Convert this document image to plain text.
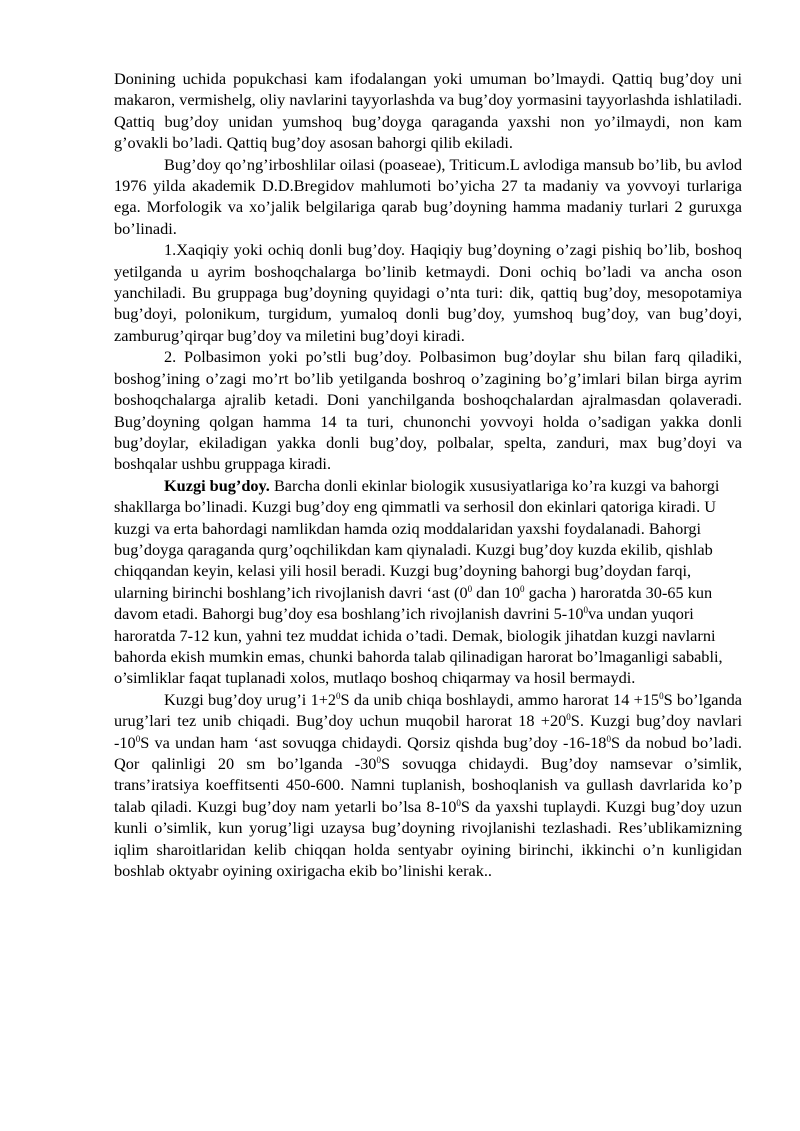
Donining uchida popukchasi kam ifodalangan yoki umuman bo’lmaydi. Qattiq bug’doy uni makaron, vermishelg, oliy navlarini tayyorlashda va bug’doy yormasini tayyorlashda ishlatiladi. Qattiq bug’doy unidan yumshoq bug’doyga qaraganda yaxshi non yo’ilmaydi, non kam g’ovakli bo’ladi. Qattiq bug’doy asosan bahorgi qilib ekiladi.

Bug’doy qo’ng’irboshlilar oilasi (poaseae), Triticum.L avlodiga mansub bo’lib, bu avlod 1976 yilda akademik D.D.Bregidov mahlumoti bo’yicha 27 ta madaniy va yovvoyi turlariga ega. Morfologik va xo’jalik belgilariga qarab bug’doyning hamma madaniy turlari 2 guruxga bo’linadi.

1.Xaqiqiy yoki ochiq donli bug’doy. Haqiqiy bug’doyning o’zagi pishiq bo’lib, boshoq yetilganda u ayrim boshoqchalarga bo’linib ketmaydi. Doni ochiq bo’ladi va ancha oson yanchiladi. Bu gruppaga bug’doyning quyidagi o’nta turi: dik, qattiq bug’doy, mesopotamiya bug’doyi, polonikum, turgidum, yumaloq donli bug’doy, yumshoq bug’doy, van bug’doyi, zamburug’qirqar bug’doy va miletini bug’doyi kiradi.

2. Polbasimon yoki po’stli bug’doy. Polbasimon bug’doylar shu bilan farq qiladiki, boshog’ining o’zagi mo’rt bo’lib yetilganda boshroq o’zagining bo’g’imlari bilan birga ayrim boshoqchalarga ajralib ketadi. Doni yanchilganda boshoqchalardan ajralmasdan qolaveradi. Bug’doyning qolgan hamma 14 ta turi, chunonchi yovvoyi holda o’sadigan yakka donli bug’doylar, ekiladigan yakka donli bug’doy, polbalar, spelta, zanduri, max bug’doyi va boshqalar ushbu gruppaga kiradi.

Kuzgi bug’doy. Barcha donli ekinlar biologik xususiyatlariga ko’ra kuzgi va bahorgi shakllarga bo’linadi. Kuzgi bug’doy eng qimmatli va serhosil don ekinlari qatoriga kiradi. U kuzgi va erta bahordagi namlikdan hamda oziq moddalaridan yaxshi foydalanadi. Bahorgi bug’doyga qaraganda qurg’oqchilikdan kam qiynaladi. Kuzgi bug’doy kuzda ekilib, qishlab chiqqandan keyin, kelasi yili hosil beradi. Kuzgi bug’doyning bahorgi bug’doydan farqi, ularning birinchi boshlang’ich rivojlanish davri ‘ast ($0^0$ dan $10^0$ gacha ) haroratda 30-65 kun davom etadi. Bahorgi bug’doy esa boshlang’ich rivojlanish davrini $5-10^0va$ undan yuqori haroratda 7-12 kun, yahni tez muddat ichida o’tadi. Demak, biologik jihatdan kuzgi navlarni bahorda ekish mumkin emas, chunki bahorda talab qilinadigan harorat bo’lmaganligi sababli, o’simliklar faqat tuplanadi xolos, mutlaqo boshoq chiqarmay va hosil bermaydi.

Kuzgi bug’doy urug’i $1+2^0S$ da unib chiqa boshlaydi, ammo harorat $14 +15^0S$ bo’lganda urug’lari tez unib chiqadi. Bug’doy uchun muqobil harorat $18 +20^0S$. Kuzgi bug’doy navlari $-10^0S$ va undan ham ‘ast sovuqga chidaydi. Qorsiz qishda bug’doy $-16-18^0S$ da nobud bo’ladi. Qor qalinligi 20 sm bo’lganda $-30^0S$ sovuqga chidaydi. Bug’doy namsevar o’simlik, trans’iratsiya koeffitsenti 450-600. Namni tuplanish, boshoqlanish va gullash davrlarida ko’p talab qiladi. Kuzgi bug’doy nam yetarli bo’lsa $8-10^0S$ da yaxshi tuplaydi. Kuzgi bug’doy uzun kunli o’simlik, kun yorug’ligi uzaysa bug’doyning rivojlanishi tezlashadi. Res’ublikamizning iqlim sharoitlaridan kelib chiqqan holda sentyabr oyining birinchi, ikkinchi o’n kunligidan boshlab oktyabr oyining oxirigacha ekib bo’linishi kerak..
